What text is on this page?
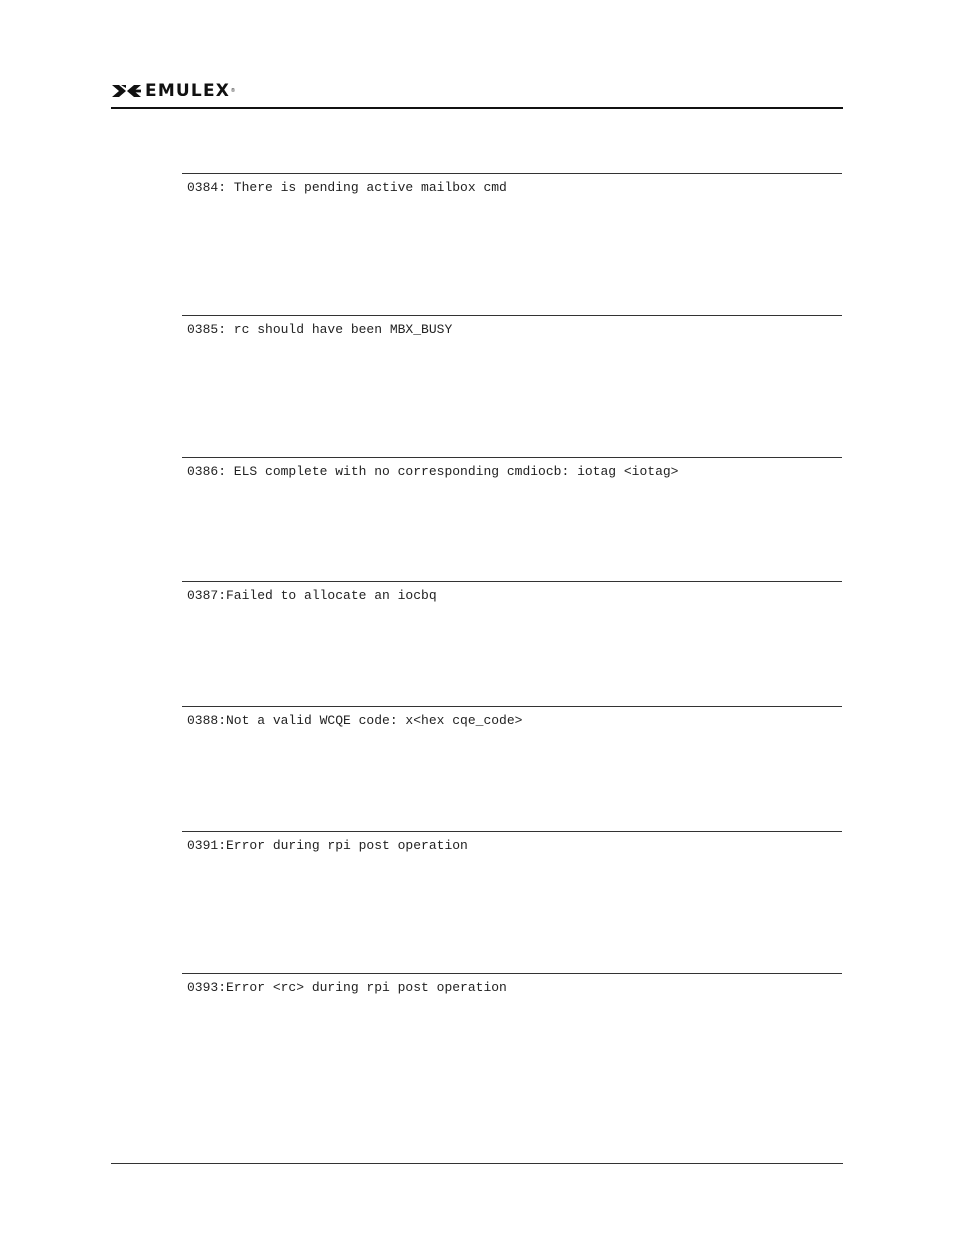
EMULEX ®
0384: There is pending active mailbox cmd
0385: rc should have been MBX_BUSY
0386: ELS complete with no corresponding cmdiocb: iotag <iotag>
0387:Failed to allocate an iocbq
0388:Not a valid WCQE code: x<hex cqe_code>
0391:Error during rpi post operation
0393:Error <rc> during rpi post operation
